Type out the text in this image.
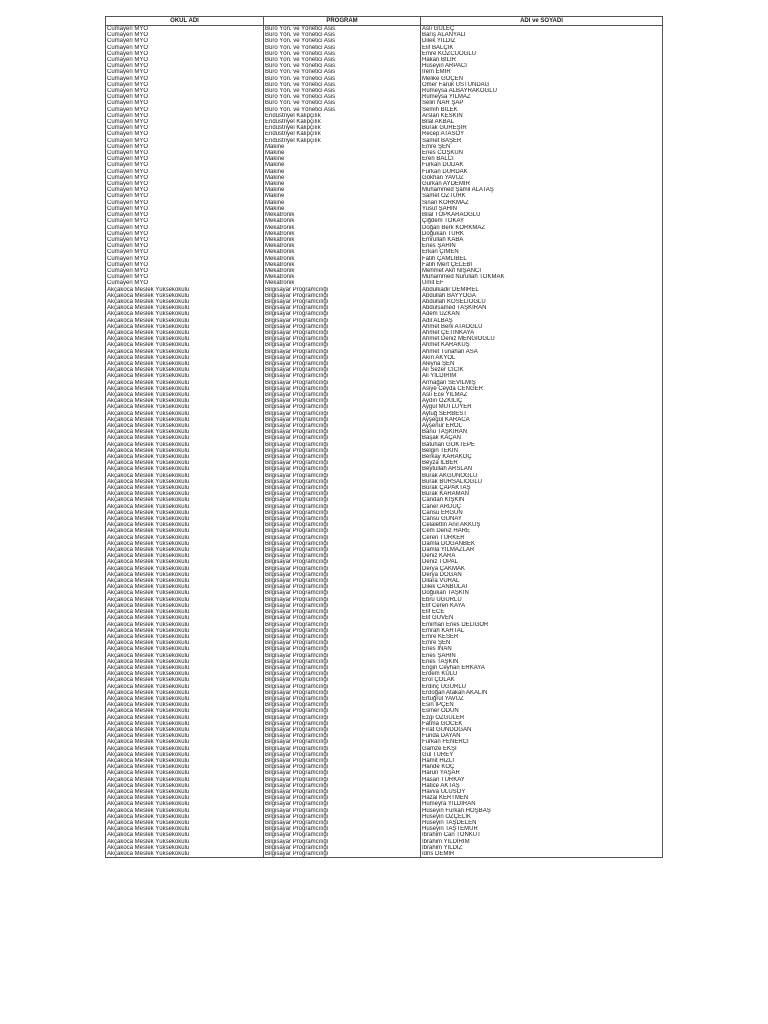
OKUL ADI	PROGRAM	ADI ve SOYADI
Cumayeri MYO	Büro Yön. ve Yönetici Asis	Aslı GÜLEÇ
Cumayeri MYO	Büro Yön. ve Yönetici Asis	Barış ALANYALI
Cumayeri MYO	Büro Yön. ve Yönetici Asis	Dilek YILDIZ
Cumayeri MYO	Büro Yön. ve Yönetici Asis	Elif BALÇIK
Cumayeri MYO	Büro Yön. ve Yönetici Asis	Emre KOZCUOĞLU
Cumayeri MYO	Büro Yön. ve Yönetici Asis	Hakan BİLİR
Cumayeri MYO	Büro Yön. ve Yönetici Asis	Hüseyin ARPACI
Cumayeri MYO	Büro Yön. ve Yönetici Asis	İrem EMİR
Cumayeri MYO	Büro Yön. ve Yönetici Asis	Melike GÖÇEN
Cumayeri MYO	Büro Yön. ve Yönetici Asis	Ömer Faruk ÜSTÜNDAĞ
Cumayeri MYO	Büro Yön. ve Yönetici Asis	Rümeysa ALBAYRAKOĞLU
Cumayeri MYO	Büro Yön. ve Yönetici Asis	Rümeysa YILMAZ
Cumayeri MYO	Büro Yön. ve Yönetici Asis	Selin NAR ŞAP
Cumayeri MYO	Büro Yön. ve Yönetici Asis	Semih BİLEK
Cumayeri MYO	Endüstriyel Kalıpçılık	Arslan KESKİN
Cumayeri MYO	Endüstriyel Kalıpçılık	Bilal AKBAL
Cumayeri MYO	Endüstriyel Kalıpçılık	Burak GÜREŞİR
Cumayeri MYO	Endüstriyel Kalıpçılık	Recep ATASOY
Cumayeri MYO	Endüstriyel Kalıpçılık	Samet BAŞER
Cumayeri MYO	Makine	Emre ŞEN
Cumayeri MYO	Makine	Enes COŞKUN
Cumayeri MYO	Makine	Eren BALCI
Cumayeri MYO	Makine	Furkan DUDAK
Cumayeri MYO	Makine	Furkan DURDAK
Cumayeri MYO	Makine	Gökhan YAVUZ
Cumayeri MYO	Makine	Gürkan AYDEMİR
Cumayeri MYO	Makine	Muhammed Şamil ALATAŞ
Cumayeri MYO	Makine	Samet ÖZTÜRK
Cumayeri MYO	Makine	Sinan KORKMAZ
Cumayeri MYO	Makine	Yusuf ŞAHİN
Cumayeri MYO	Mekatronik	Bilal TOPKARAOĞLU
Cumayeri MYO	Mekatronik	Çiğdem TOKAY
Cumayeri MYO	Mekatronik	Doğan Berk KORKMAZ
Cumayeri MYO	Mekatronik	Doğukan TÜRK
Cumayeri MYO	Mekatronik	Emrullah KABA
Cumayeri MYO	Mekatronik	Enes ŞAHİN
Cumayeri MYO	Mekatronik	Erkan ÇİMEN
Cumayeri MYO	Mekatronik	Fatih ÇAMLIBEL
Cumayeri MYO	Mekatronik	Fatih Mert ÇELEBİ
Cumayeri MYO	Mekatronik	Mehmet Akif NİŞANCI
Cumayeri MYO	Mekatronik	Muhammed Nurullah TOKMAK
Cumayeri MYO	Mekatronik	Ümit EF
Akçakoca Meslek Yüksekokulu	Bilgisayar Programcılığı	Abdulkadir DEMİREL
Akçakoca Meslek Yüksekokulu	Bilgisayar Programcılığı	Abdullah BAYYOĞA
Akçakoca Meslek Yüksekokulu	Bilgisayar Programcılığı	Abdullah KÖSELİOĞLU
Akçakoca Meslek Yüksekokulu	Bilgisayar Programcılığı	Abdulsamed TAŞKIRAN
Akçakoca Meslek Yüksekokulu	Bilgisayar Programcılığı	Adem UZKAN
Akçakoca Meslek Yüksekokulu	Bilgisayar Programcılığı	Adil ALBAŞ
Akçakoca Meslek Yüksekokulu	Bilgisayar Programcılığı	Ahmet Berk ATAOĞLU
Akçakoca Meslek Yüksekokulu	Bilgisayar Programcılığı	Ahmet ÇETİNKAYA
Akçakoca Meslek Yüksekokulu	Bilgisayar Programcılığı	Ahmet Deniz MENGİOĞLU
Akçakoca Meslek Yüksekokulu	Bilgisayar Programcılığı	Ahmet KARAKUŞ
Akçakoca Meslek Yüksekokulu	Bilgisayar Programcılığı	Ahmet Tunahan ASA
Akçakoca Meslek Yüksekokulu	Bilgisayar Programcılığı	Akın AKYOL
Akçakoca Meslek Yüksekokulu	Bilgisayar Programcılığı	Aleyna ŞEN
Akçakoca Meslek Yüksekokulu	Bilgisayar Programcılığı	Ali Sezer CİCİK
Akçakoca Meslek Yüksekokulu	Bilgisayar Programcılığı	Ali YILDIRIM
Akçakoca Meslek Yüksekokulu	Bilgisayar Programcılığı	Armağan SEVİLMİŞ
Akçakoca Meslek Yüksekokulu	Bilgisayar Programcılığı	Asiye Ceyda CENGER
Akçakoca Meslek Yüksekokulu	Bilgisayar Programcılığı	Aslı Ece YILMAZ
Akçakoca Meslek Yüksekokulu	Bilgisayar Programcılığı	Aydın ÖZKILIÇ
Akçakoca Meslek Yüksekokulu	Bilgisayar Programcılığı	Aygül MUTLUYER
Akçakoca Meslek Yüksekokulu	Bilgisayar Programcılığı	Aytuğ SERBEST
Akçakoca Meslek Yüksekokulu	Bilgisayar Programcılığı	Ayşegül KARACA
Akçakoca Meslek Yüksekokulu	Bilgisayar Programcılığı	Ayşenur EROL
Akçakoca Meslek Yüksekokulu	Bilgisayar Programcılığı	Banu TAŞKIRAN
Akçakoca Meslek Yüksekokulu	Bilgisayar Programcılığı	Başak KAÇAN
Akçakoca Meslek Yüksekokulu	Bilgisayar Programcılığı	Batuhan GÖKTEPE
Akçakoca Meslek Yüksekokulu	Bilgisayar Programcılığı	Belgin TEKİN
Akçakoca Meslek Yüksekokulu	Bilgisayar Programcılığı	Berkay KARAKOÇ
Akçakoca Meslek Yüksekokulu	Bilgisayar Programcılığı	Beyza İLBER
Akçakoca Meslek Yüksekokulu	Bilgisayar Programcılığı	Beytullah ARSLAN
Akçakoca Meslek Yüksekokulu	Bilgisayar Programcılığı	Burak AKGÜNOĞLU
Akçakoca Meslek Yüksekokulu	Bilgisayar Programcılığı	Burak BURSALIOĞLU
Akçakoca Meslek Yüksekokulu	Bilgisayar Programcılığı	Burak ÇAPAKTAŞ
Akçakoca Meslek Yüksekokulu	Bilgisayar Programcılığı	Burak KARAMAN
Akçakoca Meslek Yüksekokulu	Bilgisayar Programcılığı	Candan KIŞKIN
Akçakoca Meslek Yüksekokulu	Bilgisayar Programcılığı	Caner ARDUÇ
Akçakoca Meslek Yüksekokulu	Bilgisayar Programcılığı	Cansu ERGÜN
Akçakoca Meslek Yüksekokulu	Bilgisayar Programcılığı	Cansu GÜNAY
Akçakoca Meslek Yüksekokulu	Bilgisayar Programcılığı	Celalettin Anıl AKKUŞ
Akçakoca Meslek Yüksekokulu	Bilgisayar Programcılığı	Cem Deniz HARE
Akçakoca Meslek Yüksekokulu	Bilgisayar Programcılığı	Ceren TÜRKER
Akçakoca Meslek Yüksekokulu	Bilgisayar Programcılığı	Damla DOĞANBEK
Akçakoca Meslek Yüksekokulu	Bilgisayar Programcılığı	Damla YILMAZLAR
Akçakoca Meslek Yüksekokulu	Bilgisayar Programcılığı	Deniz KARA
Akçakoca Meslek Yüksekokulu	Bilgisayar Programcılığı	Deniz TOPAL
Akçakoca Meslek Yüksekokulu	Bilgisayar Programcılığı	Derya ÇAKMAK
Akçakoca Meslek Yüksekokulu	Bilgisayar Programcılığı	Derya DOĞAN
Akçakoca Meslek Yüksekokulu	Bilgisayar Programcılığı	Dilara VURAL
Akçakoca Meslek Yüksekokulu	Bilgisayar Programcılığı	Dilek CANBULAT
Akçakoca Meslek Yüksekokulu	Bilgisayar Programcılığı	Doğukan TAŞKIN
Akçakoca Meslek Yüksekokulu	Bilgisayar Programcılığı	Ebru UĞURLU
Akçakoca Meslek Yüksekokulu	Bilgisayar Programcılığı	Elif Ceren KAYA
Akçakoca Meslek Yüksekokulu	Bilgisayar Programcılığı	Elif ECE
Akçakoca Meslek Yüksekokulu	Bilgisayar Programcılığı	Elif GÜVEN
Akçakoca Meslek Yüksekokulu	Bilgisayar Programcılığı	Emirhan Enes DELİGÖR
Akçakoca Meslek Yüksekokulu	Bilgisayar Programcılığı	Emrah KARTAL
Akçakoca Meslek Yüksekokulu	Bilgisayar Programcılığı	Emre KESER
Akçakoca Meslek Yüksekokulu	Bilgisayar Programcılığı	Emre ŞEN
Akçakoca Meslek Yüksekokulu	Bilgisayar Programcılığı	Enes İNAN
Akçakoca Meslek Yüksekokulu	Bilgisayar Programcılığı	Enes ŞAHİN
Akçakoca Meslek Yüksekokulu	Bilgisayar Programcılığı	Enes TAŞKIN
Akçakoca Meslek Yüksekokulu	Bilgisayar Programcılığı	Engin Ceyhan ERKAYA
Akçakoca Meslek Yüksekokulu	Bilgisayar Programcılığı	Erdem KULU
Akçakoca Meslek Yüksekokulu	Bilgisayar Programcılığı	Erol ÇOLAK
Akçakoca Meslek Yüksekokulu	Bilgisayar Programcılığı	Erdinç UĞURLU
Akçakoca Meslek Yüksekokulu	Bilgisayar Programcılığı	Erdoğan Atakan AKALIN
Akçakoca Meslek Yüksekokulu	Bilgisayar Programcılığı	Ertuğrul YAVUZ
Akçakoca Meslek Yüksekokulu	Bilgisayar Programcılığı	Esin İPÇEN
Akçakoca Meslek Yüksekokulu	Bilgisayar Programcılığı	Esmer ODUN
Akçakoca Meslek Yüksekokulu	Bilgisayar Programcılığı	Ezgi ÖZGÜLER
Akçakoca Meslek Yüksekokulu	Bilgisayar Programcılığı	Fatma GÖCEK
Akçakoca Meslek Yüksekokulu	Bilgisayar Programcılığı	Fırat GÜNDOĞAN
Akçakoca Meslek Yüksekokulu	Bilgisayar Programcılığı	Funda DAYAN
Akçakoca Meslek Yüksekokulu	Bilgisayar Programcılığı	Furkan FENERCİ
Akçakoca Meslek Yüksekokulu	Bilgisayar Programcılığı	Gamze EKŞİ
Akçakoca Meslek Yüksekokulu	Bilgisayar Programcılığı	Gül TÜREY
Akçakoca Meslek Yüksekokulu	Bilgisayar Programcılığı	Hamit HIZLI
Akçakoca Meslek Yüksekokulu	Bilgisayar Programcılığı	Hande KOÇ
Akçakoca Meslek Yüksekokulu	Bilgisayar Programcılığı	Harun YAŞAR
Akçakoca Meslek Yüksekokulu	Bilgisayar Programcılığı	Hasan TÜRKAY
Akçakoca Meslek Yüksekokulu	Bilgisayar Programcılığı	Hatice AKTAŞ
Akçakoca Meslek Yüksekokulu	Bilgisayar Programcılığı	Havva ULUSOY
Akçakoca Meslek Yüksekokulu	Bilgisayar Programcılığı	Hazal KERTMEN
Akçakoca Meslek Yüksekokulu	Bilgisayar Programcılığı	Hümeyra YILDIRAN
Akçakoca Meslek Yüksekokulu	Bilgisayar Programcılığı	Hüseyin Furkan HOŞBAŞ
Akçakoca Meslek Yüksekokulu	Bilgisayar Programcılığı	Hüseyin ÖZÇELİK
Akçakoca Meslek Yüksekokulu	Bilgisayar Programcılığı	Hüseyin TAŞDELEN
Akçakoca Meslek Yüksekokulu	Bilgisayar Programcılığı	Hüseyin TAŞTEMUR
Akçakoca Meslek Yüksekokulu	Bilgisayar Programcılığı	İbrahim Can TONKUT
Akçakoca Meslek Yüksekokulu	Bilgisayar Programcılığı	İbrahim YILDIRIM
Akçakoca Meslek Yüksekokulu	Bilgisayar Programcılığı	İbrahim YILDIZ
Akçakoca Meslek Yüksekokulu	Bilgisayar Programcılığı	İdris DEMİR
